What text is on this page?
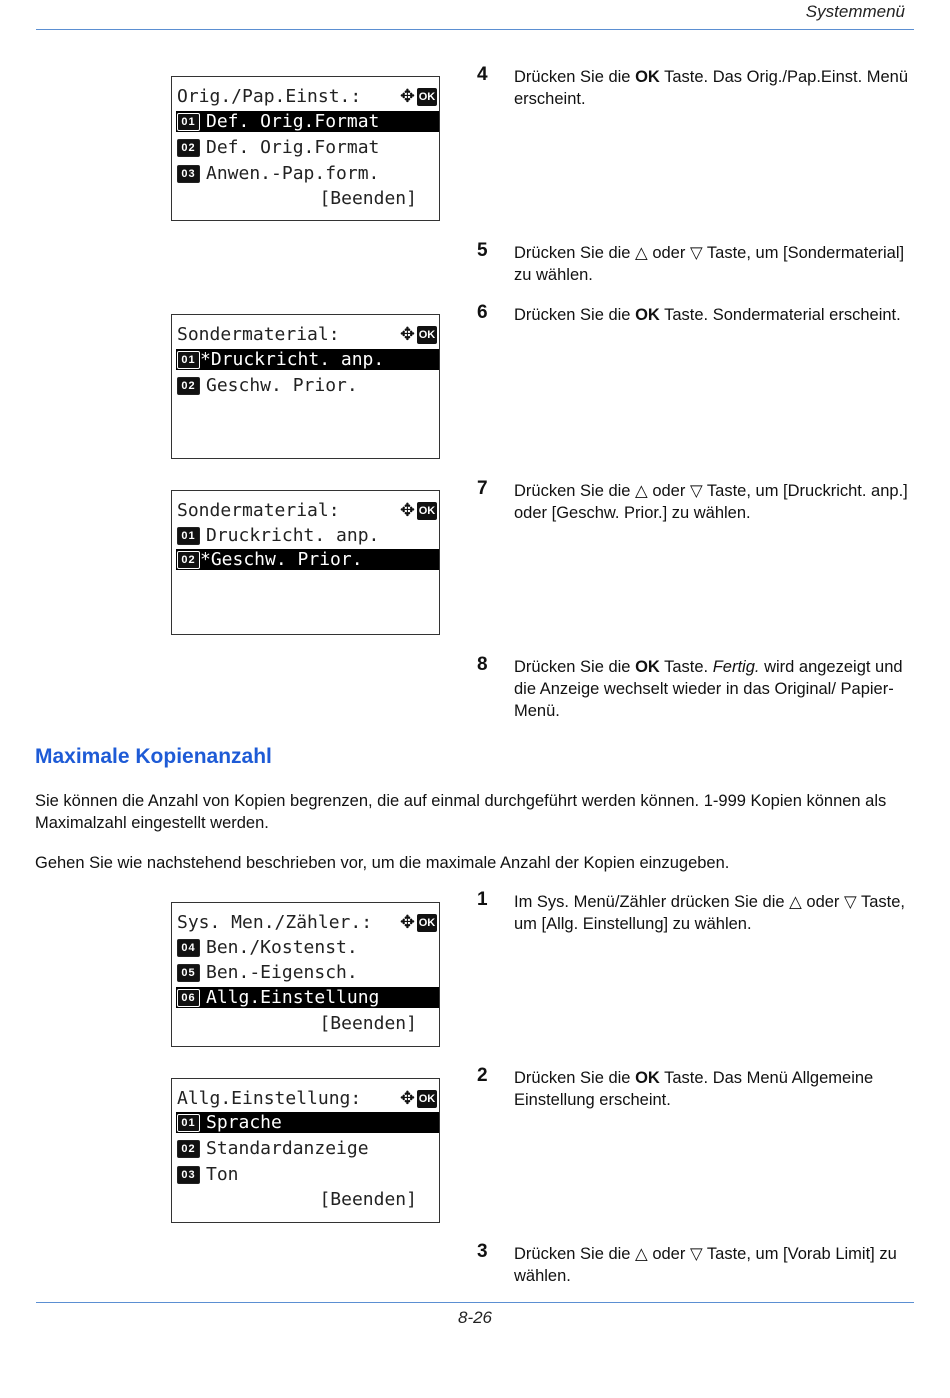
Systemmenü
Orig./Pap.Einst.:	✥ OK
01 Def. Orig.Format
02 Def. Orig.Format
03 Anwen.-Pap.form.
[Beenden]
Sondermaterial:	✥ OK
01 *Druckricht. anp.
02 Geschw. Prior.
Sondermaterial:	✥ OK
01 Druckricht. anp.
02 *Geschw. Prior.
4 Drücken Sie die OK Taste. Das Orig./Pap.Einst. Menü erscheint.
5 Drücken Sie die △ oder ▽ Taste, um [Sondermaterial] zu wählen.
6 Drücken Sie die OK Taste. Sondermaterial erscheint.
7 Drücken Sie die △ oder ▽ Taste, um [Druckricht. anp.] oder [Geschw. Prior.] zu wählen.
8 Drücken Sie die OK Taste. Fertig. wird angezeigt und die Anzeige wechselt wieder in das Original/ Papier- Menü.
Maximale Kopienanzahl
Sie können die Anzahl von Kopien begrenzen, die auf einmal durchgeführt werden können. 1-999 Kopien können als Maximalzahl eingestellt werden.
Gehen Sie wie nachstehend beschrieben vor, um die maximale Anzahl der Kopien einzugeben.
Sys. Men./Zähler.:	✥ OK
04 Ben./Kostenst.
05 Ben.-Eigensch.
06 Allg.Einstellung
[Beenden]
Allg.Einstellung:	✥ OK
01 Sprache
02 Standardanzeige
03 Ton
[Beenden]
1 Im Sys. Menü/Zähler drücken Sie die △ oder ▽ Taste, um [Allg. Einstellung] zu wählen.
2 Drücken Sie die OK Taste. Das Menü Allgemeine Einstellung erscheint.
3 Drücken Sie die △ oder ▽ Taste, um [Vorab Limit] zu wählen.
8-26
